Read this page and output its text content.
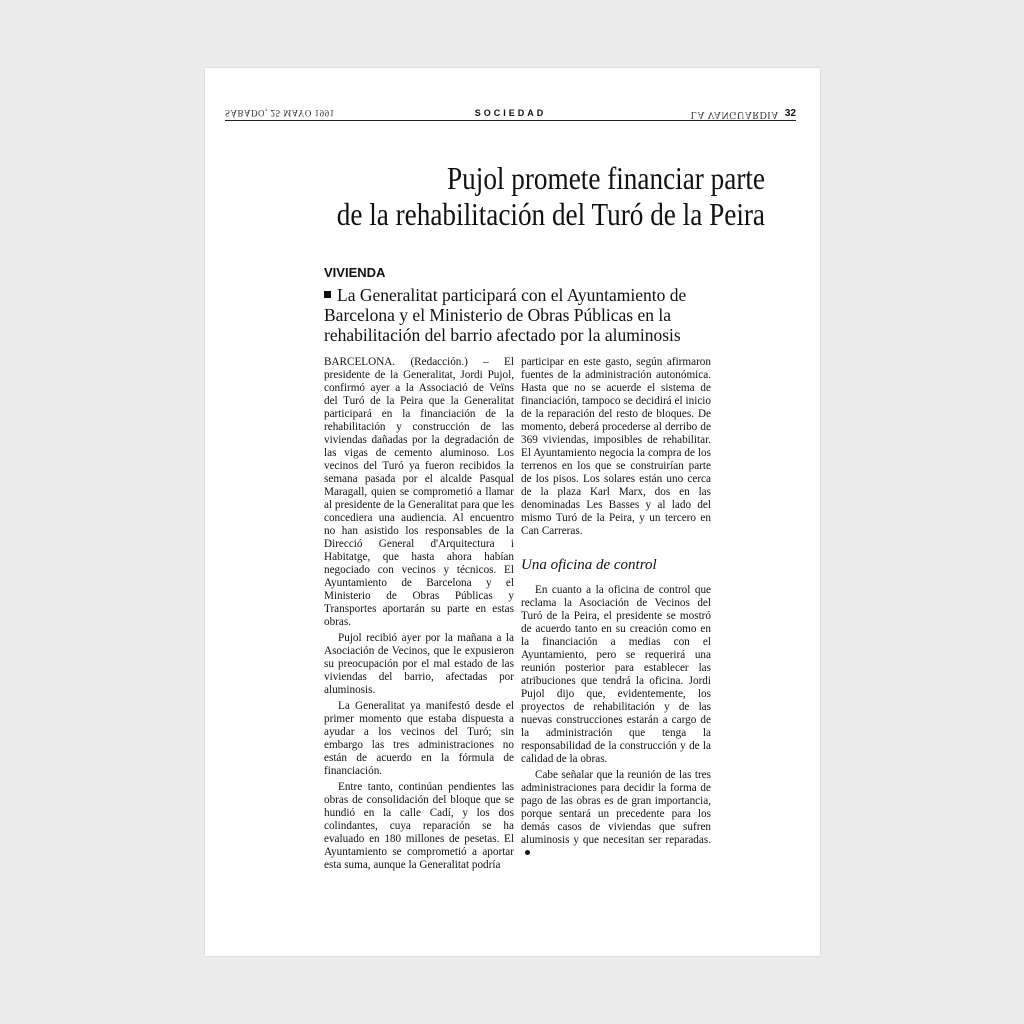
SÁBADO, 25 MAYO 1991	SOCIEDAD	LA VANGUARDIA 32
Pujol promete financiar parte
de la rehabilitación del Turó de la Peira
VIVIENDA
La Generalitat participará con el Ayuntamiento de Barcelona y el Ministerio de Obras Públicas en la rehabilitación del barrio afectado por la aluminosis

BARCELONA. (Redacción.) – El presidente de la Generalitat, Jordi Pujol, confirmó ayer a la Associació de Veïns del Turó de la Peira que la Generalitat participará en la financiación de la rehabilitación y construcción de las viviendas dañadas por la degradación de las vigas de cemento aluminoso. Los vecinos del Turó ya fueron recibidos la semana pasada por el alcalde Pasqual Maragall, quien se comprometió a llamar al presidente de la Generalitat para que les concediera una audiencia. Al encuentro no han asistido los responsables de la Direcció General d'Arquitectura i Habitatge, que hasta ahora habían negociado con vecinos y técnicos. El Ayuntamiento de Barcelona y el Ministerio de Obras Públicas y Transportes aportarán su parte en estas obras.

Pujol recibió ayer por la mañana a la Asociación de Vecinos, que le expusieron su preocupación por el mal estado de las viviendas del barrio, afectadas por aluminosis.

La Generalitat ya manifestó desde el primer momento que estaba dispuesta a ayudar a los vecinos del Turó; sin embargo las tres administraciones no están de acuerdo en la fórmula de financiación.

Entre tanto, continúan pendientes las obras de consolidación del bloque que se hundió en la calle Cadí, y los dos colindantes, cuya reparación se ha evaluado en 180 millones de pesetas. El Ayuntamiento se comprometió a aportar esta suma, aunque la Generalitat podría

participar en este gasto, según afirmaron fuentes de la administración autonómica. Hasta que no se acuerde el sistema de financiación, tampoco se decidirá el inicio de la reparación del resto de bloques. De momento, deberá procederse al derribo de 369 viviendas, imposibles de rehabilitar. El Ayuntamiento negocia la compra de los terrenos en los que se construirían parte de los pisos. Los solares están uno cerca de la plaza Karl Marx, dos en las denominadas Les Basses y al lado del mismo Turó de la Peira, y un tercero en Can Carreras.

Una oficina de control

En cuanto a la oficina de control que reclama la Asociación de Vecinos del Turó de la Peira, el presidente se mostró de acuerdo tanto en su creación como en la financiación a medias con el Ayuntamiento, pero se requerirá una reunión posterior para establecer las atribuciones que tendrá la oficina. Jordi Pujol dijo que, evidentemente, los proyectos de rehabilitación y de las nuevas construcciones estarán a cargo de la administración que tenga la responsabilidad de la construcción y de la calidad de la obras.

Cabe señalar que la reunión de las tres administraciones para decidir la forma de pago de las obras es de gran importancia, porque sentará un precedente para los demás casos de viviendas que sufren aluminosis y que necesitan ser reparadas.
